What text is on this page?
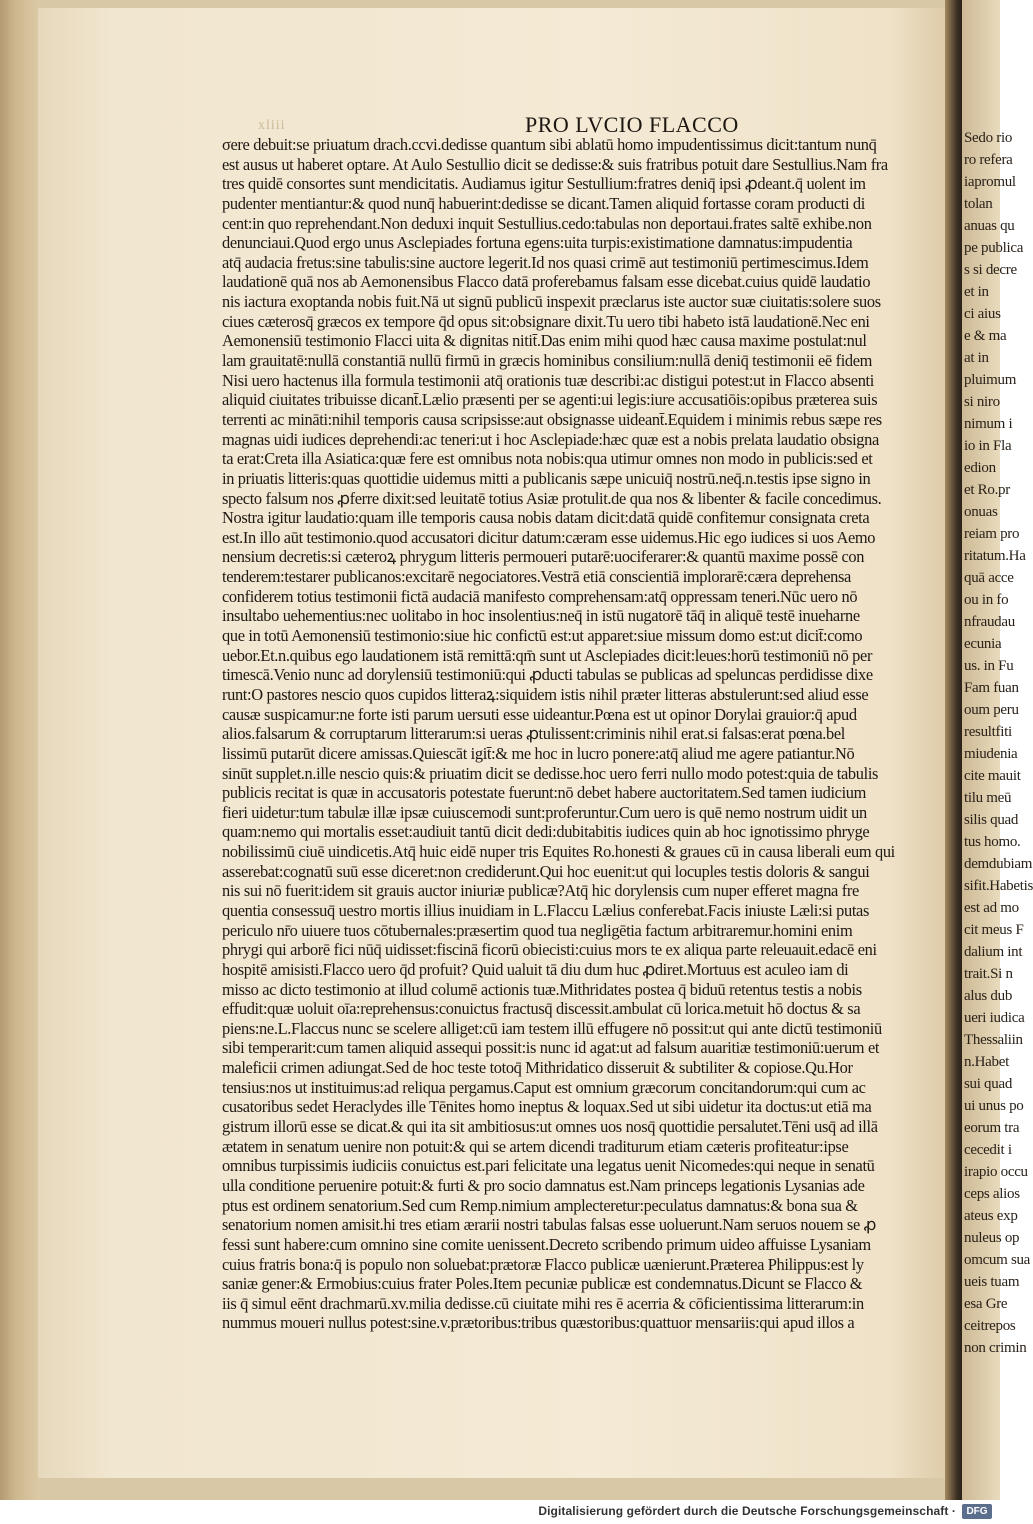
Sedo rio
ro refera
iapromul
tolan
anuas qu
pe publica
s si decre
et in
ci aius
e & ma
at in
pluimum
si niro
nimum i
io in Fla
edion
et Ro.pr
onuas
reiam pro
ritatum.Ha
quā acce
ou in fo
nfraudau
ecunia
us. in Fu
Fam fuan
oum peru
resultfiti
miudenia
cite mauit
tilu meū
silis quad
tus homo.
demdubiam
sifit.Habetis
est ad mo
cit meus F
dalium int
trait.Si n
alus dub
ueri iudica
Thessaliin
n.Habet
sui quad
ui unus po
eorum tra
cecedit i
irapio occu
ceps alios
ateus exp
nuleus op
omcum sua
ueis tuam
esa Gre
ceitrepos
non crimin
xliii	PRO LVCIO FLACCO
σere debuit:se priuatum drach.ccvi.dedisse quantum sibi ablatū homo impudentissimus dicit:tantum nunq̄
est ausus ut haberet optare. At Aulo Sestullio dicit se dedisse:& suis fratribus potuit dare Sestullius.Nam fra
tres quidē consortes sunt mendicitatis. Audiamus igitur Sestullium:fratres deniq̄ ipsi ꝓdeant.q̄ uolent im
pudenter mentiantur:& quod nunq̄ habuerint:dedisse se dicant.Tamen aliquid fortasse coram producti di
cent:in quo reprehendant.Non deduxi inquit Sestullius.cedo:tabulas non deportaui.frates saltē exhibe.non
denunciaui.Quod ergo unus Asclepiades fortuna egens:uita turpis:existimatione damnatus:impudentia
atq̄ audacia fretus:sine tabulis:sine auctore legerit.Id nos quasi crimē aut testimoniū pertimescimus.Idem
laudationē quā nos ab Aemonensibus Flacco datā proferebamus falsam esse dicebat.cuius quidē laudatio
nis iactura exoptanda nobis fuit.Nā ut signū publicū inspexit præclarus iste auctor suæ ciuitatis:solere suos
ciues cæterosq̄ græcos ex tempore q̄d opus sit:obsignare dixit.Tu uero tibi habeto istā laudationē.Nec eni
Aemonensiū testimonio Flacci uita & dignitas nitit̄.Das enim mihi quod hæc causa maxime postulat:nul
lam grauitatē:nullā constantiā nullū firmū in græcis hominibus consilium:nullā deniq̄ testimonii eē fidem
Nisi uero hactenus illa formula testimonii atq̄ orationis tuæ describi:ac distigui potest:ut in Flacco absenti
aliquid ciuitates tribuisse dicant̄.Lælio præsenti per se agenti:ui legis:iure accusatiōis:opibus præterea suis
terrenti ac mināti:nihil temporis causa scripsisse:aut obsignasse uideant̄.Equidem i minimis rebus sæpe res
magnas uidi iudices deprehendi:ac teneri:ut i hoc Asclepiade:hæc quæ est a nobis prelata laudatio obsigna
ta erat:Creta illa Asiatica:quæ fere est omnibus nota nobis:qua utimur omnes non modo in publicis:sed et
in priuatis litteris:quas quottidie uidemus mitti a publicanis sæpe unicuiq̄ nostrū.neq̄.n.testis ipse signo in
specto falsum nos ꝓferre dixit:sed leuitatē totius Asiæ protulit.de qua nos & libenter & facile concedimus.
Nostra igitur laudatio:quam ille temporis causa nobis datam dicit:datā quidē confitemur consignata creta
est.In illo aūt testimonio.quod accusatori dicitur datum:cæram esse uidemus.Hic ego iudices si uos Aemo
nensium decretis:si cæteroꝝ phrygum litteris permoueri putarē:uociferarer:& quantū maxime possē con
tenderem:testarer publicanos:excitarē negociatores.Vestrā etiā conscientiā implorarē:cæra deprehensa
confiderem totius testimonii fictā audaciā manifesto comprehensam:atq̄ oppressam teneri.Nūc uero nō
insultabo uehementius:nec uolitabo in hoc insolentius:neq̄ in istū nugatorē tāq̄ in aliquē testē inueharne
que in totū Aemonensiū testimonio:siue hic confictū est:ut apparet:siue missum domo est:ut dicit̄:como
uebor.Et.n.quibus ego laudationem istā remittā:qm̄ sunt ut Asclepiades dicit:leues:horū testimoniū nō per
timescā.Venio nunc ad dorylensiū testimoniū:qui ꝓducti tabulas se publicas ad speluncas perdidisse dixe
runt:O pastores nescio quos cupidos litteraꝝ:siquidem istis nihil præter litteras abstulerunt:sed aliud esse
causæ suspicamur:ne forte isti parum uersuti esse uideantur.Pœna est ut opinor Dorylai grauior:q̄ apud
alios.falsarum & corruptarum litterarum:si ueras ꝓtulissent:criminis nihil erat.si falsas:erat pœna.bel
lissimū putarūt dicere amissas.Quiescāt igit̄:& me hoc in lucro ponere:atq̄ aliud me agere patiantur.Nō
sinūt supplet.n.ille nescio quis:& priuatim dicit se dedisse.hoc uero ferri nullo modo potest:quia de tabulis
publicis recitat is quæ in accusatoris potestate fuerunt:nō debet habere auctoritatem.Sed tamen iudicium
fieri uidetur:tum tabulæ illæ ipsæ cuiuscemodi sunt:proferuntur.Cum uero is quē nemo nostrum uidit un
quam:nemo qui mortalis esset:audiuit tantū dicit dedi:dubitabitis iudices quin ab hoc ignotissimo phryge
nobilissimū ciuē uindicetis.Atq̄ huic eidē nuper tris Equites Ro.honesti & graues cū in causa liberali eum qui
asserebat:cognatū suū esse diceret:non crediderunt.Qui hoc euenit:ut qui locuples testis doloris & sangui
nis sui nō fuerit:idem sit grauis auctor iniuriæ publicæ?Atq̄ hic dorylensis cum nuper efferet magna fre
quentia consessuq̄ uestro mortis illius inuidiam in L.Flaccu Lælius conferebat.Facis iniuste Læli:si putas
periculo nr̄o uiuere tuos cōtubernales:præsertim quod tua negligētia factum arbitraremur.homini enim
phrygi qui arborē fici nūq̄ uidisset:fiscinā ficorū obiecisti:cuius mors te ex aliqua parte releuauit.edacē eni
hospitē amisisti.Flacco uero q̄d profuit? Quid ualuit tā diu dum huc ꝓdiret.Mortuus est aculeo iam di
misso ac dicto testimonio at illud columē actionis tuæ.Mithridates postea q̄ biduū retentus testis a nobis
effudit:quæ uoluit oīa:reprehensus:conuictus fractusq̄ discessit.ambulat cū lorica.metuit hō doctus & sa
piens:ne.L.Flaccus nunc se scelere alliget:cū iam testem illū effugere nō possit:ut qui ante dictū testimoniū
sibi temperarit:cum tamen aliquid assequi possit:is nunc id agat:ut ad falsum auaritiæ testimoniū:uerum et
maleficii crimen adiungat.Sed de hoc teste totoq̄ Mithridatico disseruit & subtiliter & copiose.Qu.Hor
tensius:nos ut instituimus:ad reliqua pergamus.Caput est omnium græcorum concitandorum:qui cum ac
cusatoribus sedet Heraclydes ille Tēnites homo ineptus & loquax.Sed ut sibi uidetur ita doctus:ut etiā ma
gistrum illorū esse se dicat.& qui ita sit ambitiosus:ut omnes uos nosq̄ quottidie persalutet.Tēni usq̄ ad illā
ætatem in senatum uenire non potuit:& qui se artem dicendi traditurum etiam cæteris profiteatur:ipse
omnibus turpissimis iudiciis conuictus est.pari felicitate una legatus uenit Nicomedes:qui neque in senatū
ulla conditione peruenire potuit:& furti & pro socio damnatus est.Nam princeps legationis Lysanias ade
ptus est ordinem senatorium.Sed cum Remp.nimium amplecteretur:peculatus damnatus:& bona sua &
senatorium nomen amisit.hi tres etiam ærarii nostri tabulas falsas esse uoluerunt.Nam seruos nouem se ꝓ
fessi sunt habere:cum omnino sine comite uenissent.Decreto scribendo primum uideo affuisse Lysaniam
cuius fratris bona:q̄ is populo non soluebat:prætoræ Flacco publicæ uænierunt.Præterea Philippus:est ly
saniæ gener:& Ermobius:cuius frater Poles.Item pecuniæ publicæ est condemnatus.Dicunt se Flacco &
iis q̄ simul eēnt drachmarū.xv.milia dedisse.cū ciuitate mihi res ē acerria & cōficientissima litterarum:in
nummus moueri nullus potest:sine.v.prætoribus:tribus quæstoribus:quattuor mensariis:qui apud illos a
Digitalisierung gefördert durch die Deutsche Forschungsgemeinschaft ·	DFG
